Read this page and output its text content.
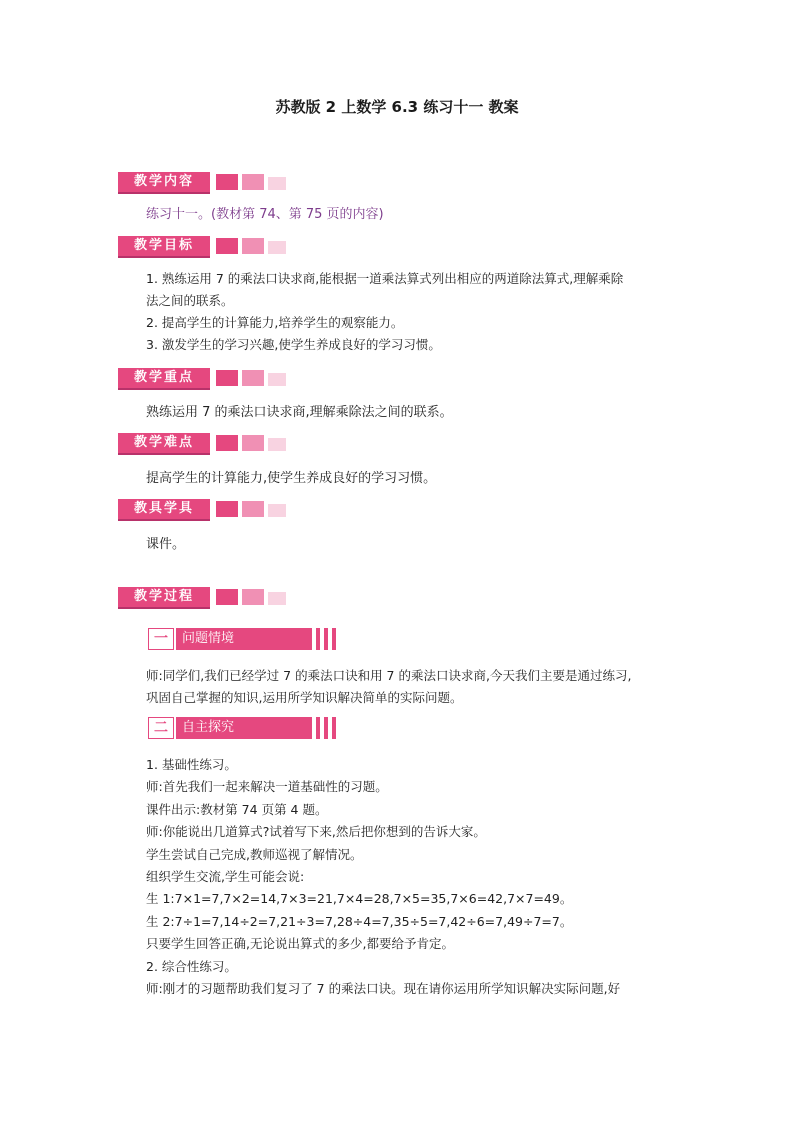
苏教版 2 上数学 6.3 练习十一 教案
教学内容
练习十一。(教材第 74、第 75 页的内容)
教学目标
1. 熟练运用 7 的乘法口诀求商,能根据一道乘法算式列出相应的两道除法算式,理解乘除
法之间的联系。
2. 提高学生的计算能力,培养学生的观察能力。
3. 激发学生的学习兴趣,使学生养成良好的学习习惯。
教学重点
熟练运用 7 的乘法口诀求商,理解乘除法之间的联系。
教学难点
提高学生的计算能力,使学生养成良好的学习习惯。
教具学具
课件。
教学过程
一	问题情境
师:同学们,我们已经学过 7 的乘法口诀和用 7 的乘法口诀求商,今天我们主要是通过练习,
巩固自己掌握的知识,运用所学知识解决简单的实际问题。
二	自主探究
1. 基础性练习。
师:首先我们一起来解决一道基础性的习题。
课件出示:教材第 74 页第 4 题。
师:你能说出几道算式?试着写下来,然后把你想到的告诉大家。
学生尝试自己完成,教师巡视了解情况。
组织学生交流,学生可能会说:
生 1:7×1=7,7×2=14,7×3=21,7×4=28,7×5=35,7×6=42,7×7=49。
生 2:7÷1=7,14÷2=7,21÷3=7,28÷4=7,35÷5=7,42÷6=7,49÷7=7。
只要学生回答正确,无论说出算式的多少,都要给予肯定。
2. 综合性练习。
师:刚才的习题帮助我们复习了 7 的乘法口诀。现在请你运用所学知识解决实际问题,好
